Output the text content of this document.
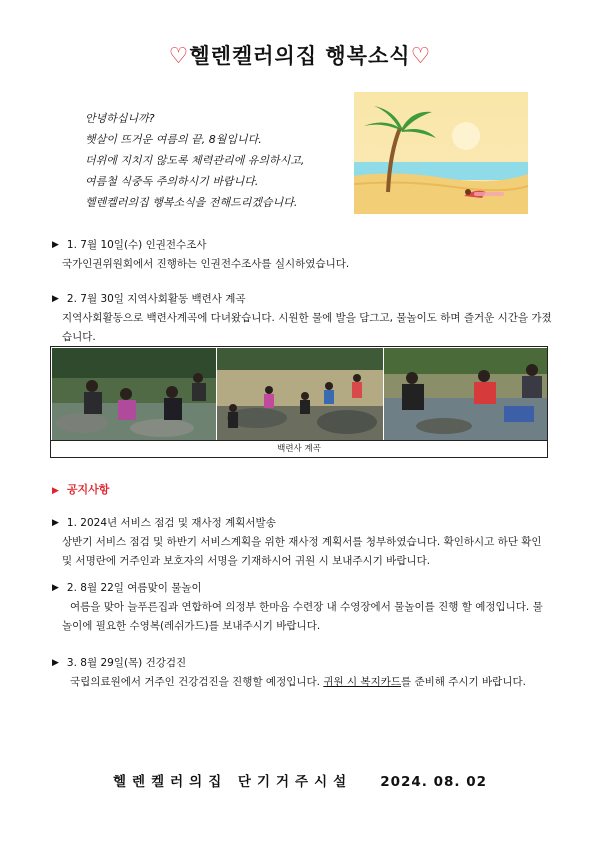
♡헬렌켈러의집 행복소식♡
안녕하십니까?
햇살이 뜨거운 여름의 끝, 8월입니다.
더위에 지치지 않도록 체력관리에 유의하시고,
여름철 식중독 주의하시기 바랍니다.
헬렌켈러의집 행복소식을 전해드리겠습니다.
▶ 1. 7월 10일(수) 인권전수조사
국가인권위원회에서 진행하는 인권전수조사를 실시하였습니다.
▶ 2. 7월 30일 지역사회활동 백련사 계곡
지역사회활동으로 백련사계곡에 다녀왔습니다. 시원한 물에 발을 담그고, 물놀이도 하며 즐거운 시간을 가졌습니다.
백련사 계곡
▶ 공지사항
▶ 1. 2024년 서비스 점검 및 재사정 계획서발송
상반기 서비스 점검 및 하반기 서비스계획을 위한 재사정 계획서를 청부하였습니다. 확인하시고 하단 확인 및 서명란에 거주인과 보호자의 서명을 기재하시어 귀원 시 보내주시기 바랍니다.
▶ 2. 8월 22일 여름맞이 물놀이
여름을 맞아 늘푸른집과 연합하여 의정부 한마음 수련장 내 수영장에서 물놀이를 진행 할 예정입니다. 물놀이에 필요한 수영복(레쉬가드)를 보내주시기 바랍니다.
▶ 3. 8월 29일(목) 건강검진
국립의료원에서 거주인 건강검진을 진행할 예정입니다. 귀원 시 복지카드를 준비해 주시기 바랍니다.
헬렌켈러의집 단기거주시설 2024. 08. 02
